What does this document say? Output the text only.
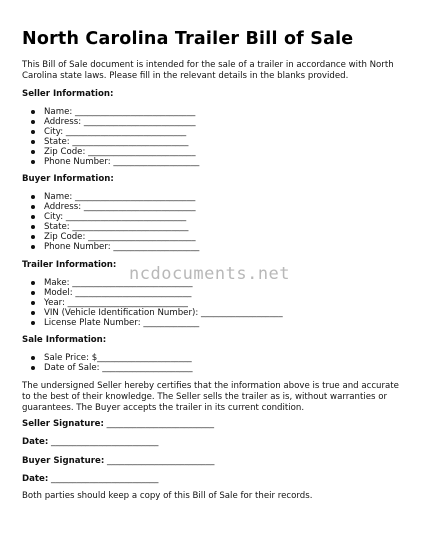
North Carolina Trailer Bill of Sale

This Bill of Sale document is intended for the sale of a trailer in accordance with North Carolina state laws. Please fill in the relevant details in the blanks provided.

Seller Information:

Name: ____________________________
Address: __________________________
City: ____________________________
State: ___________________________
Zip Code: _________________________
Phone Number: ____________________

Buyer Information:

Name: ____________________________
Address: __________________________
City: ____________________________
State: ___________________________
Zip Code: _________________________
Phone Number: ____________________

Trailer Information:

Make: ____________________________
Model: ___________________________
Year: ____________________________
VIN (Vehicle Identification Number): ___________________
License Plate Number: _____________

Sale Information:

Sale Price: $______________________
Date of Sale: _____________________

The undersigned Seller hereby certifies that the information above is true and accurate to the best of their knowledge. The Seller sells the trailer as is, without warranties or guarantees. The Buyer accepts the trailer in its current condition.

Seller Signature: _________________________

Date: _________________________

Buyer Signature: _________________________

Date: _________________________

Both parties should keep a copy of this Bill of Sale for their records.

ncdocuments.net
